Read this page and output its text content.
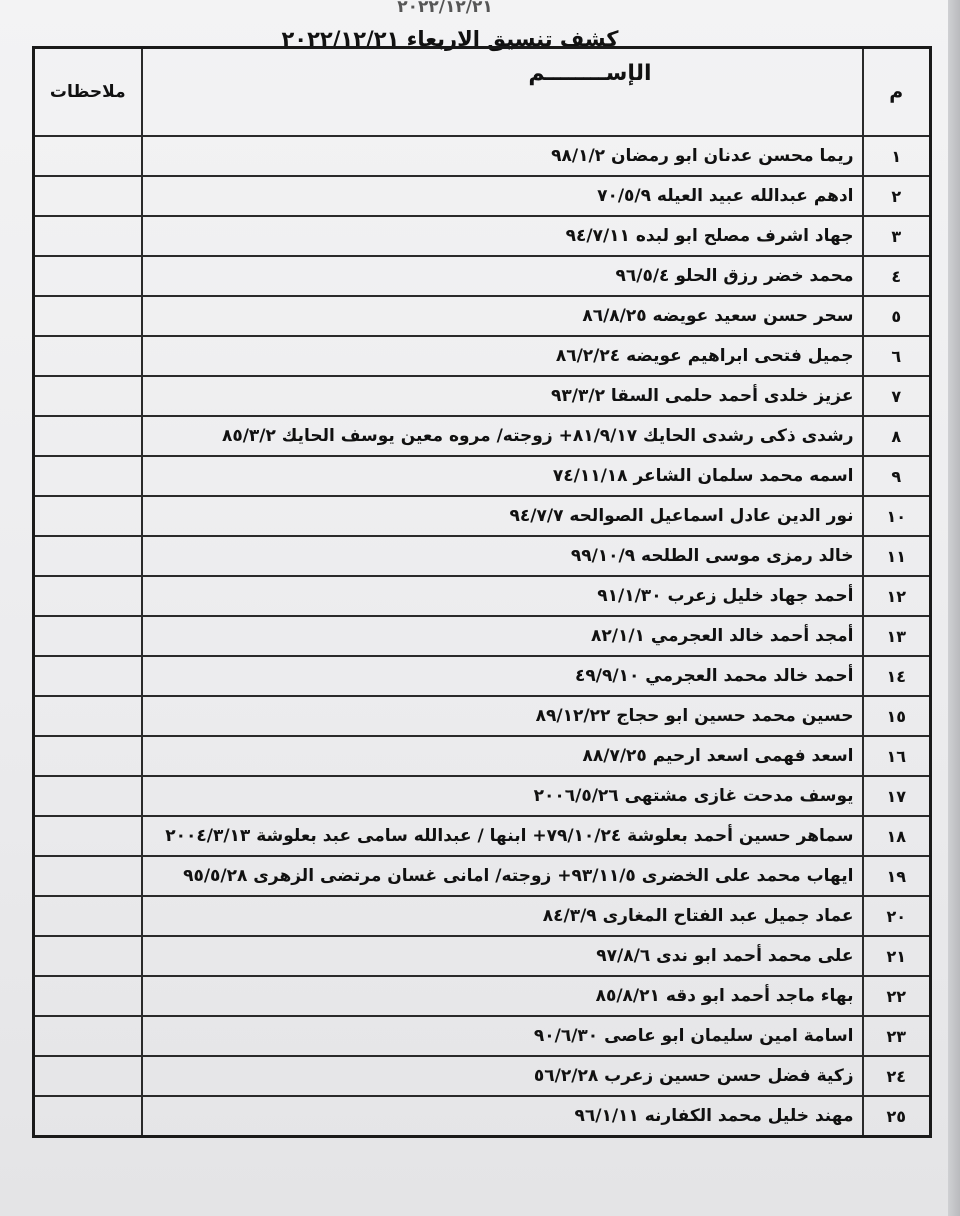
٢٠٢٢/١٢/٢١
كشف تنسيق الاربعاء ٢٠٢٢/١٢/٢١
م	الإســــــــم	ملاحظات
١	ريما محسن عدنان ابو رمضان ٩٨/١/٢	
٢	ادهم عبدالله عبيد العيله ٧٠/٥/٩	
٣	جهاد اشرف مصلح ابو لبده ٩٤/٧/١١	
٤	محمد خضر رزق الحلو ٩٦/٥/٤	
٥	سحر حسن سعيد عويضه ٨٦/٨/٢٥	
٦	جميل فتحى ابراهيم عويضه ٨٦/٢/٢٤	
٧	عزيز خلدى أحمد حلمى السقا ٩٣/٣/٢	
٨	رشدى ذكى رشدى الحايك ٨١/٩/١٧+ زوجته/ مروه معين يوسف الحايك ٨٥/٣/٢	
٩	اسمه محمد سلمان الشاعر ٧٤/١١/١٨	
١٠	نور الدين عادل اسماعيل الصوالحه ٩٤/٧/٧	
١١	خالد رمزى موسى الطلحه ٩٩/١٠/٩	
١٢	أحمد جهاد خليل زعرب ٩١/١/٣٠	
١٣	أمجد أحمد خالد العجرمي ٨٢/١/١	
١٤	أحمد خالد محمد العجرمي ٤٩/٩/١٠	
١٥	حسين محمد حسين ابو حجاج ٨٩/١٢/٢٢	
١٦	اسعد فهمى اسعد ارحيم ٨٨/٧/٢٥	
١٧	يوسف مدحت غازى مشتهى ٢٠٠٦/٥/٢٦	
١٨	سماهر حسين أحمد بعلوشة ٧٩/١٠/٢٤+ ابنها / عبدالله سامى عبد بعلوشة ٢٠٠٤/٣/١٣	
١٩	ايهاب محمد على الخضرى ٩٣/١١/٥+ زوجته/ امانى غسان مرتضى الزهرى ٩٥/٥/٢٨	
٢٠	عماد جميل عبد الفتاح المغارى ٨٤/٣/٩	
٢١	على محمد أحمد ابو ندى ٩٧/٨/٦	
٢٢	بهاء ماجد أحمد ابو دقه ٨٥/٨/٢١	
٢٣	اسامة امين سليمان ابو عاصى ٩٠/٦/٣٠	
٢٤	زكية فضل حسن حسين زعرب ٥٦/٢/٢٨	
٢٥	مهند خليل محمد الكفارنه ٩٦/١/١١	
